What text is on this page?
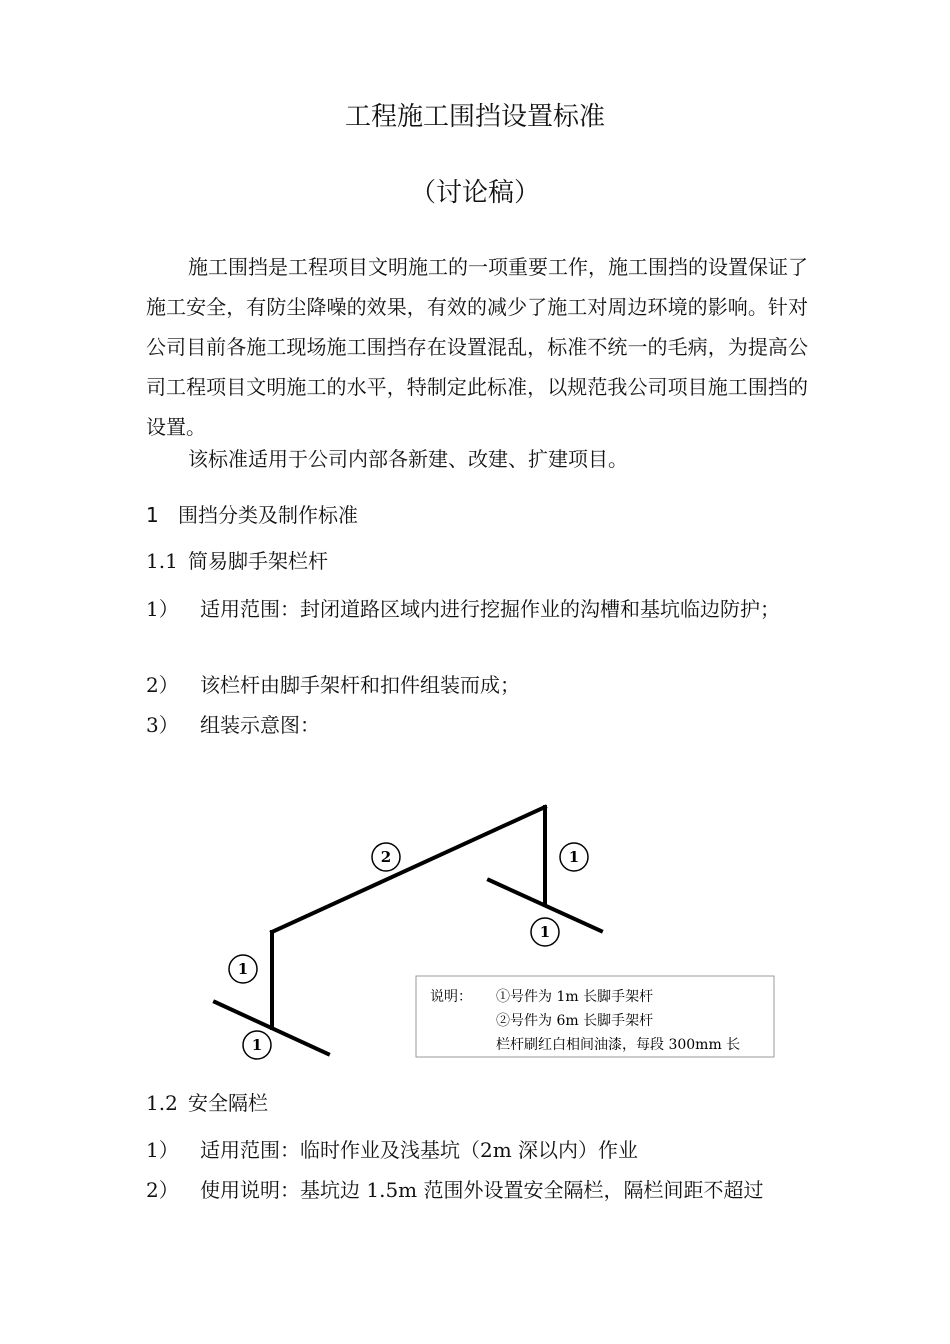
工程施工围挡设置标准
（讨论稿）

施工围挡是工程项目文明施工的一项重要工作，施工围挡的设置保证了施工安全，有防尘降噪的效果，有效的减少了施工对周边环境的影响。针对公司目前各施工现场施工围挡存在设置混乱，标准不统一的毛病，为提高公司工程项目文明施工的水平，特制定此标准，以规范我公司项目施工围挡的设置。

该标准适用于公司内部各新建、改建、扩建项目。

1 围挡分类及制作标准
1.1 简易脚手架栏杆
1）	适用范围：封闭道路区域内进行挖掘作业的沟槽和基坑临边防护；
2）	该栏杆由脚手架杆和扣件组装而成；
3）	组装示意图：
2	1
1
1
1
说明： ①号件为 1m 长脚手架杆
②号件为 6m 长脚手架杆
栏杆刷红白相间油漆，每段 300mm 长
1.2 安全隔栏
1）	适用范围：临时作业及浅基坑（2m 深以内）作业
2）	使用说明：基坑边 1.5m 范围外设置安全隔栏，隔栏间距不超过
